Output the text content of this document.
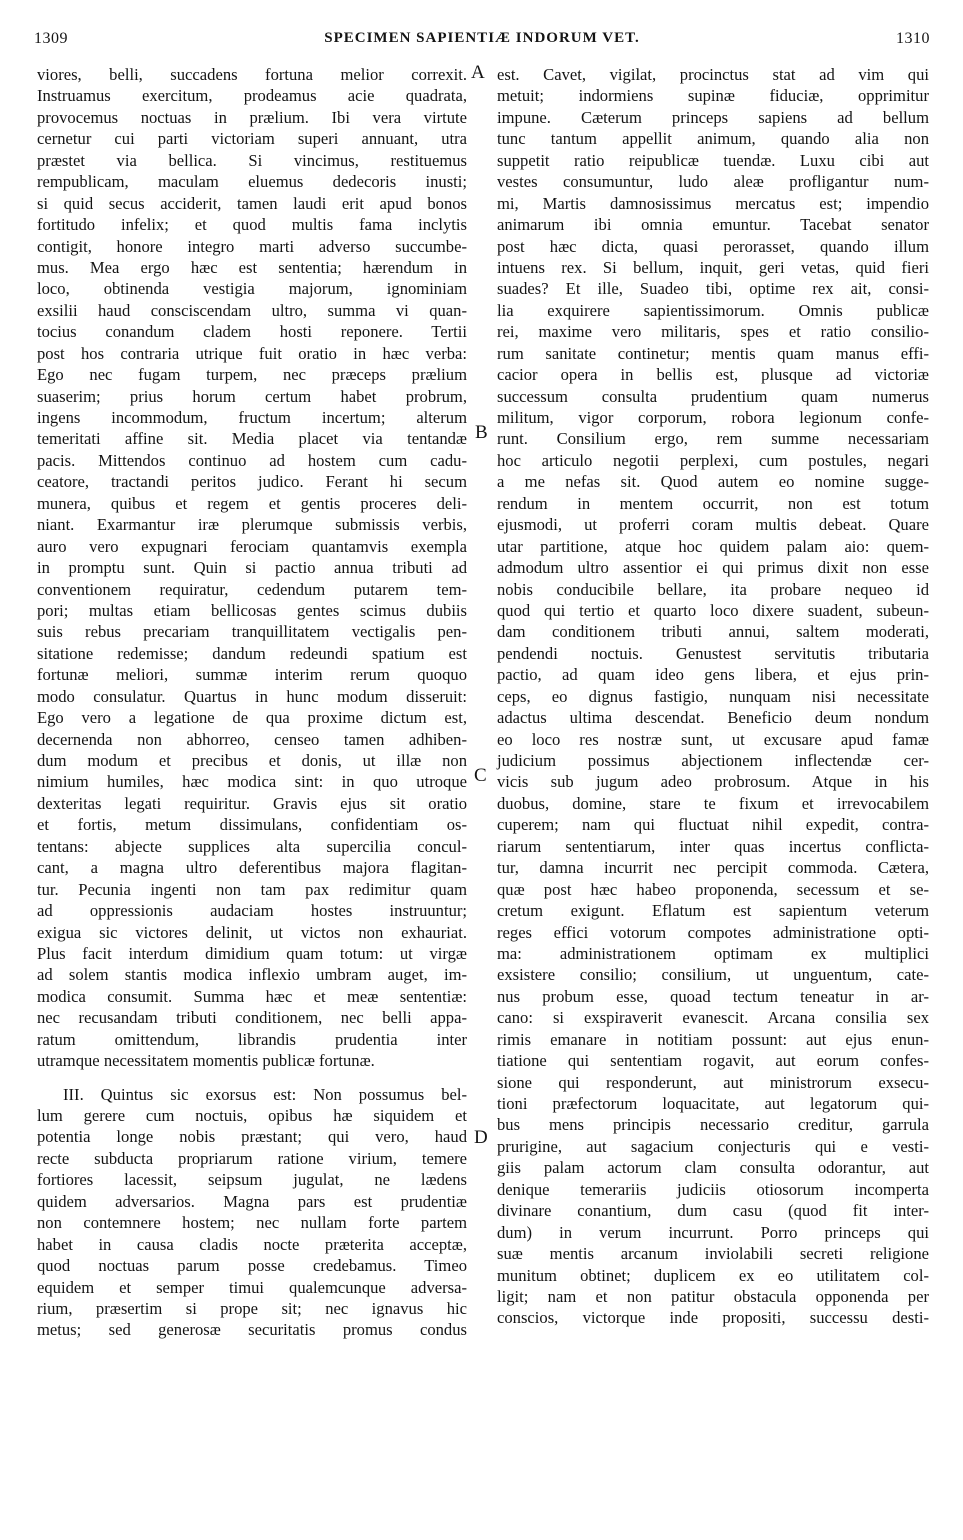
1309	SPECIMEN SAPIENTIÆ INDORUM VET.	1310
A
B
C
D
viores, belli, succadens fortuna melior correxit.
Instruamus exercitum, prodeamus acie quadrata,
provocemus noctuas in prælium. Ibi vera virtute
cernetur cui parti victoriam superi annuant, utra
præstet via bellica. Si vincimus, restituemus
rempublicam, maculam eluemus dedecoris inusti;
si quid secus acciderit, tamen laudi erit apud bonos
fortitudo infelix; et quod multis fama inclytis
contigit, honore integro marti adverso succumbe-
mus. Mea ergo hæc est sententia; hærendum in
loco, obtinenda vestigia majorum, ignominiam
exsilii haud consciscendam ultro, summa vi quan-
tocius conandum cladem hosti reponere. Tertii
post hos contraria utrique fuit oratio in hæc verba:
Ego nec fugam turpem, nec præceps prælium
suaserim; prius horum certum habet probrum,
ingens incommodum, fructum incertum; alterum
temeritati affine sit. Media placet via tentandæ
pacis. Mittendos continuo ad hostem cum cadu-
ceatore, tractandi peritos judico. Ferant hi secum
munera, quibus et regem et gentis proceres deli-
niant. Exarmantur iræ plerumque submissis verbis,
auro vero expugnari ferociam quantamvis exempla
in promptu sunt. Quin si pactio annua tributi ad
conventionem requiratur, cedendum putarem tem-
pori; multas etiam bellicosas gentes scimus dubiis
suis rebus precariam tranquillitatem vectigalis pen-
sitatione redemisse; dandum redeundi spatium est
fortunæ meliori, summæ interim rerum quoquo
modo consulatur. Quartus in hunc modum disseruit:
Ego vero a legatione de qua proxime dictum est,
decernenda non abhorreo, censeo tamen adhiben-
dum modum et precibus et donis, ut illæ non
nimium humiles, hæc modica sint: in quo utroque
dexteritas legati requiritur. Gravis ejus sit oratio
et fortis, metum dissimulans, confidentiam os-
tentans: abjecte supplices alta supercilia concul-
cant, a magna ultro deferentibus majora flagitan-
tur. Pecunia ingenti non tam pax redimitur quam
ad oppressionis audaciam hostes instruuntur;
exigua sic victores delinit, ut victos non exhauriat.
Plus facit interdum dimidium quam totum: ut virgæ
ad solem stantis modica inflexio umbram auget, im-
modica consumit. Summa hæc et meæ sententiæ:
nec recusandam tributi conditionem, nec belli appa-
ratum omittendum, librandis prudentia inter
utramque necessitatem momentis publicæ fortunæ.
III. Quintus sic exorsus est: Non possumus bel-
lum gerere cum noctuis, opibus hæ siquidem et
potentia longe nobis præstant; qui vero, haud
recte subducta propriarum ratione virium, temere
fortiores lacessit, seipsum jugulat, ne lædens
quidem adversarios. Magna pars est prudentiæ
non contemnere hostem; nec nullam forte partem
habet in causa cladis nocte præterita acceptæ,
quod noctuas parum posse credebamus. Timeo
equidem et semper timui qualemcunque adversa-
rium, præsertim si prope sit; nec ignavus hic
metus; sed generosæ securitatis promus condus
est. Cavet, vigilat, procinctus stat ad vim qui
metuit; indormiens supinæ fiduciæ, opprimitur
impune. Cæterum princeps sapiens ad bellum
tunc tantum appellit animum, quando alia non
suppetit ratio reipublicæ tuendæ. Luxu cibi aut
vestes consumuntur, ludo aleæ profligantur num-
mi, Martis damnosissimus mercatus est; impendio
animarum ibi omnia emuntur. Tacebat senator
post hæc dicta, quasi perorasset, quando illum
intuens rex. Si bellum, inquit, geri vetas, quid fieri
suades? Et ille, Suadeo tibi, optime rex ait, consi-
lia exquirere sapientissimorum. Omnis publicæ
rei, maxime vero militaris, spes et ratio consilio-
rum sanitate continetur; mentis quam manus effi-
cacior opera in bellis est, plusque ad victoriæ
successum consulta prudentium quam numerus
militum, vigor corporum, robora legionum confe-
runt. Consilium ergo, rem summe necessariam
hoc articulo negotii perplexi, cum postules, negari
a me nefas sit. Quod autem eo nomine sugge-
rendum in mentem occurrit, non est totum
ejusmodi, ut proferri coram multis debeat. Quare
utar partitione, atque hoc quidem palam aio: quem-
admodum ultro assentior ei qui primus dixit non esse
nobis conducibile bellare, ita probare nequeo id
quod qui tertio et quarto loco dixere suadent, subeun-
dam conditionem tributi annui, saltem moderati,
pendendi noctuis. Genustest servitutis tributaria
pactio, ad quam ideo gens libera, et ejus prin-
ceps, eo dignus fastigio, nunquam nisi necessitate
adactus ultima descendat. Beneficio deum nondum
eo loco res nostræ sunt, ut excusare apud famæ
judicium possimus abjectionem inflectendæ cer-
vicis sub jugum adeo probrosum. Atque in his
duobus, domine, stare te fixum et irrevocabilem
cuperem; nam qui fluctuat nihil expedit, contra-
riarum sententiarum, inter quas incertus conflicta-
tur, damna incurrit nec percipit commoda. Cætera,
quæ post hæc habeo proponenda, secessum et se-
cretum exigunt. Eflatum est sapientum veterum
reges effici votorum compotes administratione opti-
ma: administrationem optimam ex multiplici
exsistere consilio; consilium, ut unguentum, cate-
nus probum esse, quoad tectum teneatur in ar-
cano: si exspiraverit evanescit. Arcana consilia sex
rimis emanare in notitiam possunt: aut ejus enun-
tiatione qui sententiam rogavit, aut eorum confes-
sione qui responderunt, aut ministrorum exsecu-
tioni præfectorum loquacitate, aut legatorum qui-
bus mens principis necessario creditur, garrula
prurigine, aut sagacium conjecturis qui e vesti-
giis palam actorum clam consulta odorantur, aut
denique temerariis judiciis otiosorum incomperta
divinare conantium, dum casu (quod fit inter-
dum) in verum incurrunt. Porro princeps qui
suæ mentis arcanum inviolabili secreti religione
munitum obtinet; duplicem ex eo utilitatem col-
ligit; nam et non patitur obstacula opponenda per
conscios, victorque inde propositi, successu desti-
